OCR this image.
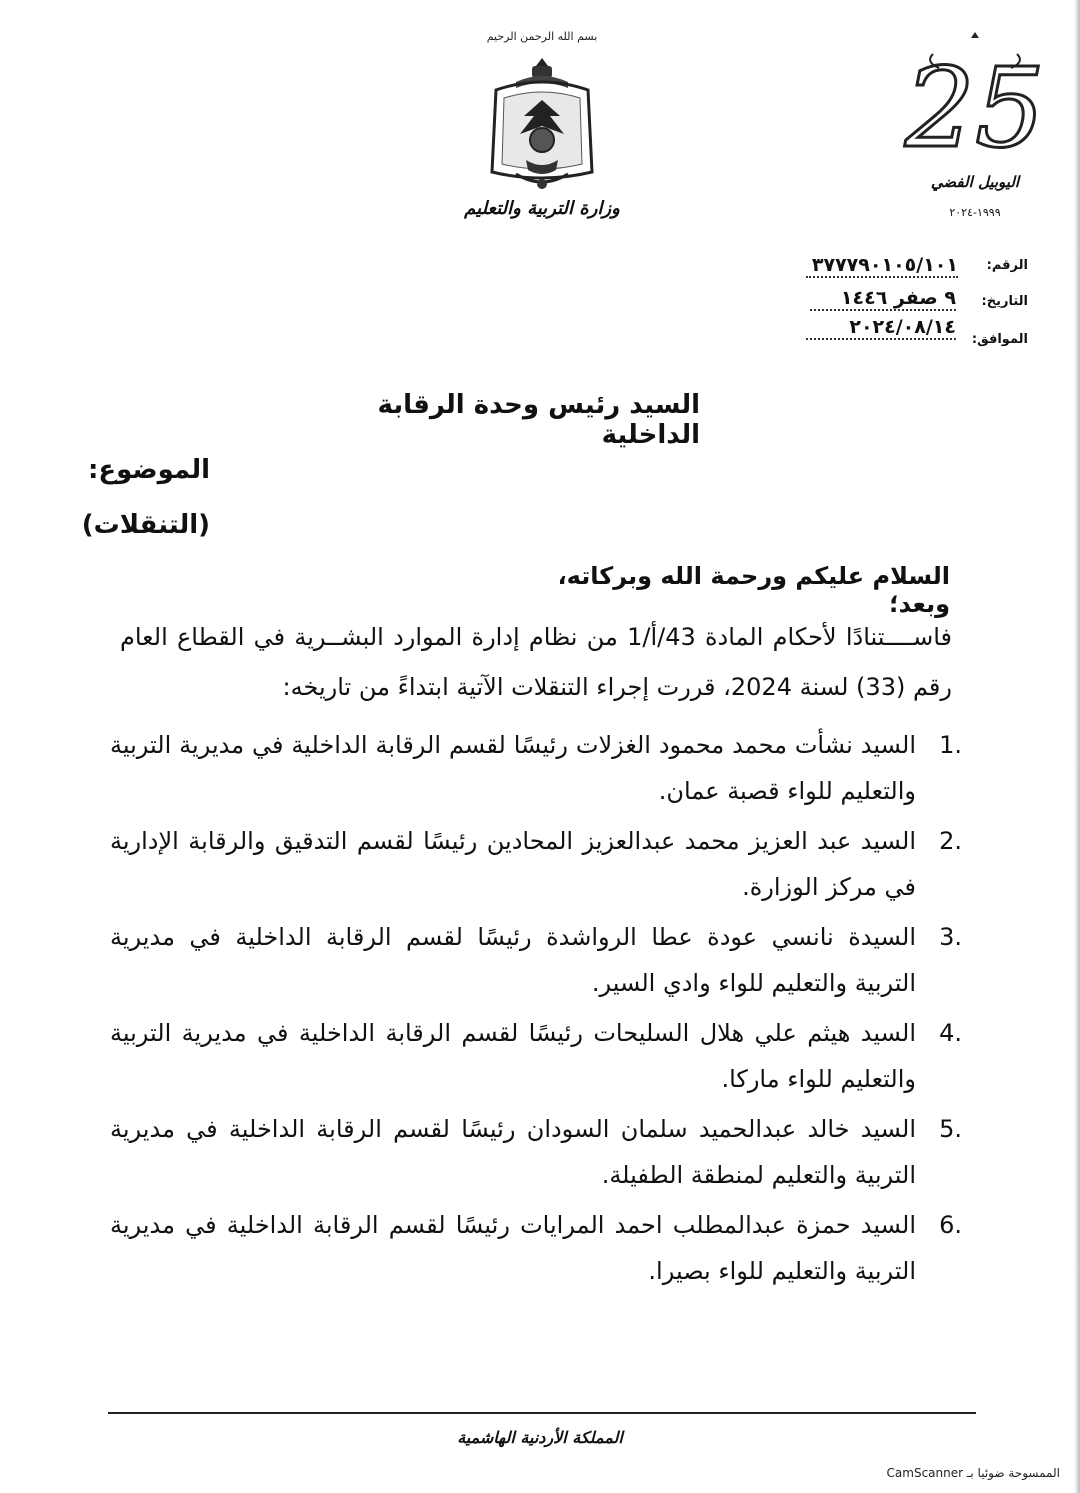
بسم الله الرحمن الرحيم
وزارة التربية والتعليم
25
اليوبيل الفضي
١٩٩٩-٢٠٢٤
الرقم:
٣٧٧٧٩٠١٠٥/١٠١
التاريخ:
٩ صفر ١٤٤٦
الموافق:
٢٠٢٤/٠٨/١٤
السيد رئيس وحدة الرقابة الداخلية
الموضوع:
(التنقلات)
السلام عليكم ورحمة الله وبركاته، وبعد؛
فاســــتنادًا لأحكام المادة 43/أ/1 من نظام إدارة الموارد البشــرية في القطاع العام رقم (33) لسنة 2024، قررت إجراء التنقلات الآتية ابتداءً من تاريخه:
1.
السيد نشأت محمد محمود الغزلات رئيسًا لقسم الرقابة الداخلية في مديرية التربية والتعليم للواء قصبة عمان.
2.
السيد عبد العزيز محمد عبدالعزيز المحادين رئيسًا لقسم التدقيق والرقابة الإدارية في مركز الوزارة.
3.
السيدة نانسي عودة عطا الرواشدة رئيسًا لقسم الرقابة الداخلية في مديرية التربية والتعليم للواء وادي السير.
4.
السيد هيثم علي هلال السليحات رئيسًا لقسم الرقابة الداخلية في مديرية التربية والتعليم للواء ماركا.
5.
السيد خالد عبدالحميد سلمان السودان رئيسًا لقسم الرقابة الداخلية في مديرية التربية والتعليم لمنطقة الطفيلة.
6.
السيد حمزة عبدالمطلب احمد المرايات رئيسًا لقسم الرقابة الداخلية في مديرية التربية والتعليم للواء بصيرا.
المملكة الأردنية الهاشمية
الممسوحة ضوئيا بـ CamScanner
